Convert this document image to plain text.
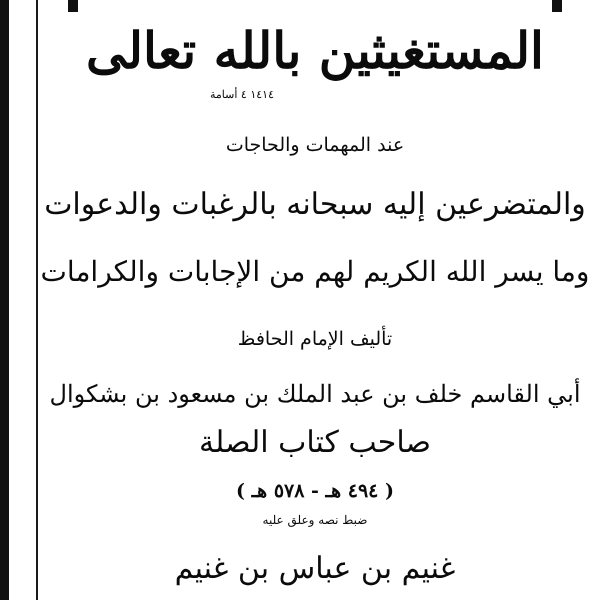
المستغيثين بالله تعالى
١٤١٤ ٤ أسامة
عند المهمات والحاجات
والمتضرعين إليه سبحانه بالرغبات والدعوات
وما يسر الله الكريم لهم من الإجابات والكرامات
تأليف الإمام الحافظ
أبي القاسم خلف بن عبد الملك بن مسعود بن بشكوال
صاحب كتاب الصلة
( ٤٩٤ هـ - ٥٧٨ هـ )
ضبط نصه وعلق عليه
غنيم بن عباس بن غنيم
